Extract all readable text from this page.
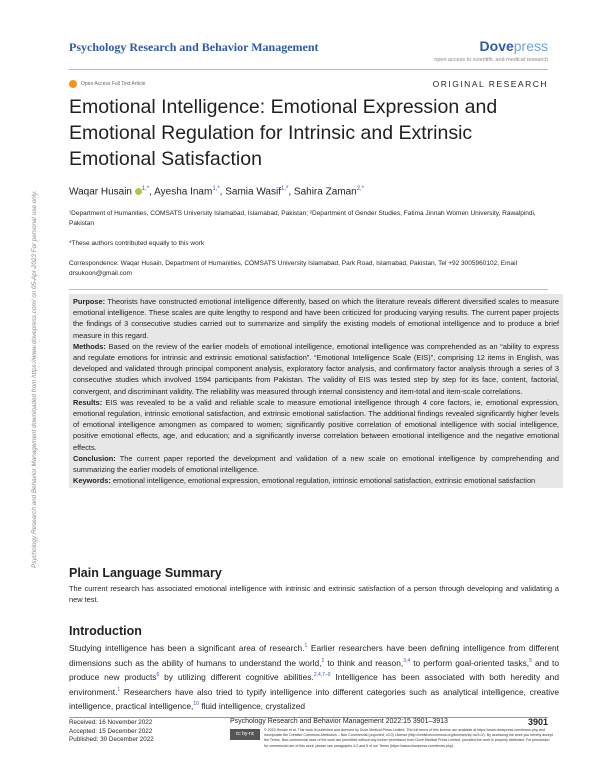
Psychology Research and Behavior Management	Dovepress
open access to scientific and medical research
Open Access Full Text Article	ORIGINAL RESEARCH
Emotional Intelligence: Emotional Expression and Emotional Regulation for Intrinsic and Extrinsic Emotional Satisfaction
Waqar Husain $^{1,*}$, Ayesha Inam$^{1,*}$, Samia Wasif$^{1,*}$, Sahira Zaman$^{2,*}$
¹Department of Humanities, COMSATS University Islamabad, Islamabad, Pakistan; ²Department of Gender Studies, Fatima Jinnah Women University, Rawalpindi, Pakistan
*These authors contributed equally to this work
Correspondence: Waqar Husain, Department of Humanities, COMSATS University Islamabad, Park Road, Islamabad, Pakistan, Tel +92 3005960102, Email drsukoon@gmail.com

Purpose: Theorists have constructed emotional intelligence differently, based on which the literature reveals different diversified scales to measure emotional intelligence. These scales are quite lengthy to respond and have been criticized for producing varying results. The current paper projects the findings of 3 consecutive studies carried out to summarize and simplify the existing models of emotional intelligence and to produce a brief measure in this regard.

Methods: Based on the review of the earlier models of emotional intelligence, emotional intelligence was comprehended as an “ability to express and regulate emotions for intrinsic and extrinsic emotional satisfaction”. “Emotional Intelligence Scale (EIS)”, comprising 12 items in English, was developed and validated through principal component analysis, exploratory factor analysis, and confirmatory factor analysis through a series of 3 consecutive studies which involved 1594 participants from Pakistan. The validity of EIS was tested step by step for its face, content, factorial, convergent, and discriminant validity. The reliability was measured through internal consistency and item-total and item-scale correlations.

Results: EIS was revealed to be a valid and reliable scale to measure emotional intelligence through 4 core factors, ie, emotional expression, emotional regulation, intrinsic emotional satisfaction, and extrinsic emotional satisfaction. The additional findings revealed significantly higher levels of emotional intelligence amongmen as compared to women; significantly positive correlation of emotional intelligence with social intelligence, positive emotional effects, age, and education; and a significantly inverse correlation between emotional intelligence and the negative emotional effects.

Conclusion: The current paper reported the development and validation of a new scale on emotional intelligence by comprehending and summarizing the earlier models of emotional intelligence.

Keywords: emotional intelligence, emotional expression, emotional regulation, intrinsic emotional satisfaction, extrinsic emotional satisfaction

Plain Language Summary
The current research has associated emotional intelligence with intrinsic and extrinsic satisfaction of a person through developing and validating a new test.
Introduction
Studying intelligence has been a significant area of research.$^1$ Earlier researchers have been defining intelligence from different dimensions such as the ability of humans to understand the world,$^2$ to think and reason,$^{3,4}$ to perform goal-oriented tasks,$^5$ and to produce new products$^6$ by utilizing different cognitive abilities.$^{2,4,7-9}$ Intelligence has been associated with both heredity and environment.$^1$ Researchers have also tried to typify intelligence into different categories such as analytical intelligence, creative intelligence, practical intelligence,$^{10}$ fluid intelligence, crystalized
Psychology Research and Behavior Management downloaded from https://www.dovepress.com/ on 05-Apr-2023 For personal use only.
Received: 16 November 2022
Accepted: 15 December 2022
Published: 30 December 2022
Psychology Research and Behavior Management 2022:15 3901–3913	3901
cc by-nc
© 2022 Husain et al. This work is published and licensed by Dove Medical Press Limited. The full terms of this license are available at https://www.dovepress.com/terms.php and incorporate the Creative Commons Attribution – Non Commercial (unported, v3.0) License (http://creativecommons.org/licenses/by-nc/3.0/). By accessing the work you hereby accept the Terms. Non-commercial uses of the work are permitted without any further permission from Dove Medical Press Limited, provided the work is properly attributed. For permission for commercial use of this work, please see paragraphs 4.2 and 5 of our Terms (https://www.dovepress.com/terms.php).
